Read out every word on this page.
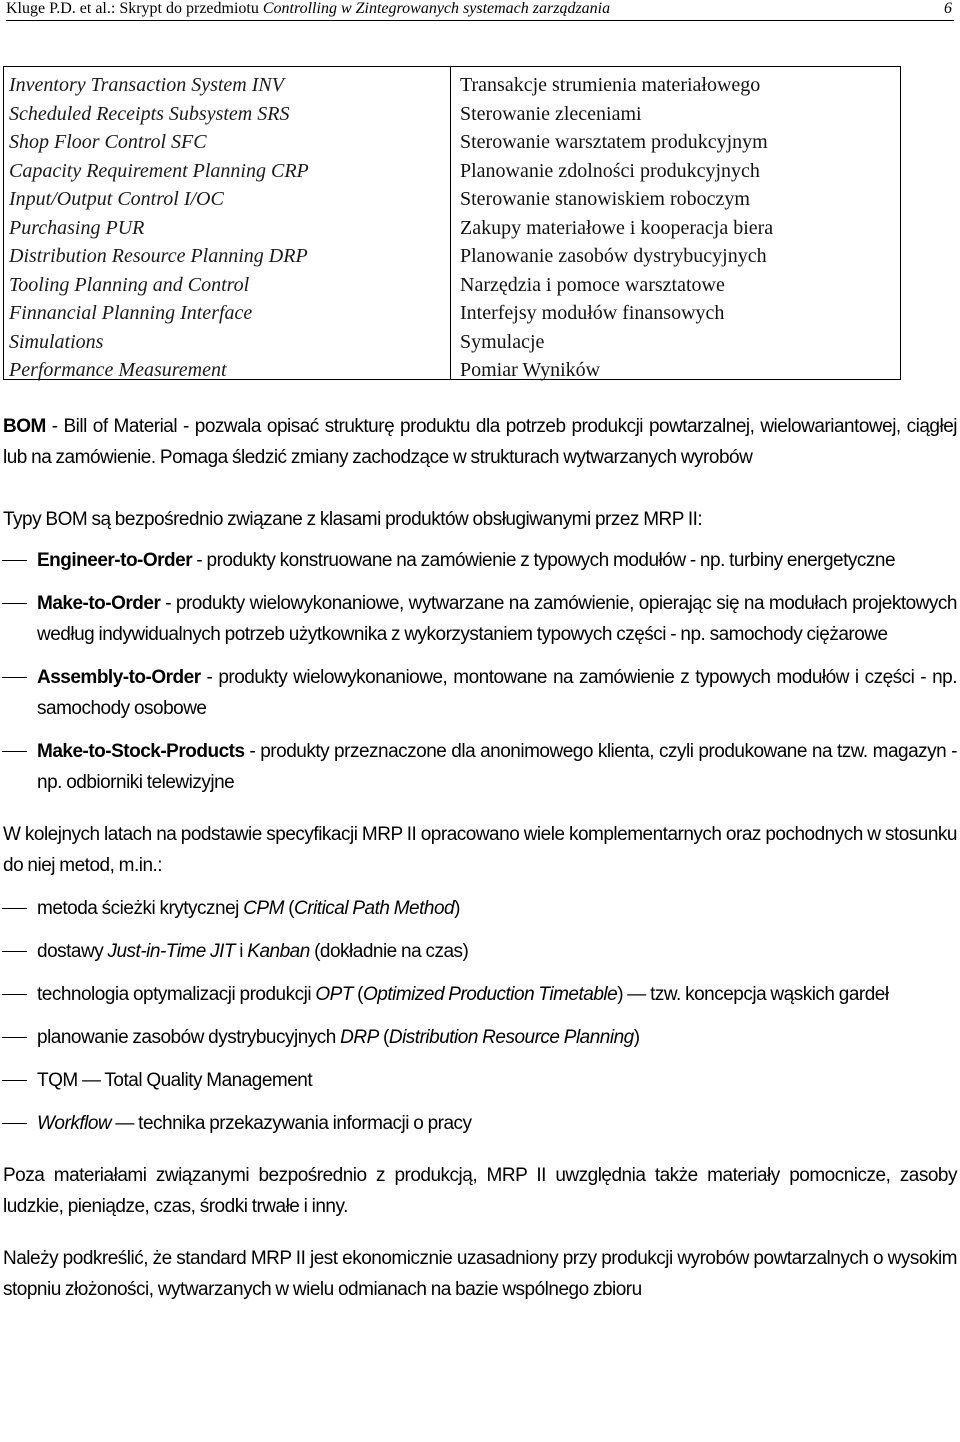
Kluge P.D. et al.: Skrypt do przedmiotu Controlling w Zintegrowanych systemach zarządzania	6
Inventory Transaction System INV
Scheduled Receipts Subsystem SRS
Shop Floor Control SFC
Capacity Requirement Planning CRP
Input/Output Control I/OC
Purchasing PUR
Distribution Resource Planning DRP
Tooling Planning and Control
Finnancial Planning Interface
Simulations
Performance Measurement
Transakcje strumienia materiałowego
Sterowanie zleceniami
Sterowanie warsztatem produkcyjnym
Planowanie zdolności produkcyjnych
Sterowanie stanowiskiem roboczym
Zakupy materiałowe i kooperacja biera
Planowanie zasobów dystrybucyjnych
Narzędzia i pomoce warsztatowe
Interfejsy modułów finansowych
Symulacje
Pomiar Wyników

BOM - Bill of Material - pozwala opisać strukturę produktu dla potrzeb produkcji powtarzalnej, wielowariantowej, ciągłej lub na zamówienie. Pomaga śledzić zmiany zachodzące w strukturach wytwarzanych wyrobów

Typy BOM są bezpośrednio związane z klasami produktów obsługiwanymi przez MRP II:

Engineer-to-Order - produkty konstruowane na zamówienie z typowych modułów - np. turbiny energetyczne

Make-to-Order - produkty wielowykonaniowe, wytwarzane na zamówienie, opierając się na modułach projektowych według indywidualnych potrzeb użytkownika z wykorzystaniem typowych części - np. samochody ciężarowe

Assembly-to-Order - produkty wielowykonaniowe, montowane na zamówienie z typowych modułów i części - np. samochody osobowe

Make-to-Stock-Products - produkty przeznaczone dla anonimowego klienta, czyli produkowane na tzw. magazyn - np. odbiorniki telewizyjne

W kolejnych latach na podstawie specyfikacji MRP II opracowano wiele komplementarnych oraz pochodnych w stosunku do niej metod, m.in.:

metoda ścieżki krytycznej CPM (Critical Path Method)

dostawy Just-in-Time JIT i Kanban (dokładnie na czas)

technologia optymalizacji produkcji OPT (Optimized Production Timetable) — tzw. koncepcja wąskich gardeł

planowanie zasobów dystrybucyjnych DRP (Distribution Resource Planning)

TQM — Total Quality Management

Workflow — technika przekazywania informacji o pracy

Poza materiałami związanymi bezpośrednio z produkcją, MRP II uwzględnia także materiały pomocnicze, zasoby ludzkie, pieniądze, czas, środki trwałe i inny.

Należy podkreślić, że standard MRP II jest ekonomicznie uzasadniony przy produkcji wyrobów powtarzalnych o wysokim stopniu złożoności, wytwarzanych w wielu odmianach na bazie wspólnego zbioru
